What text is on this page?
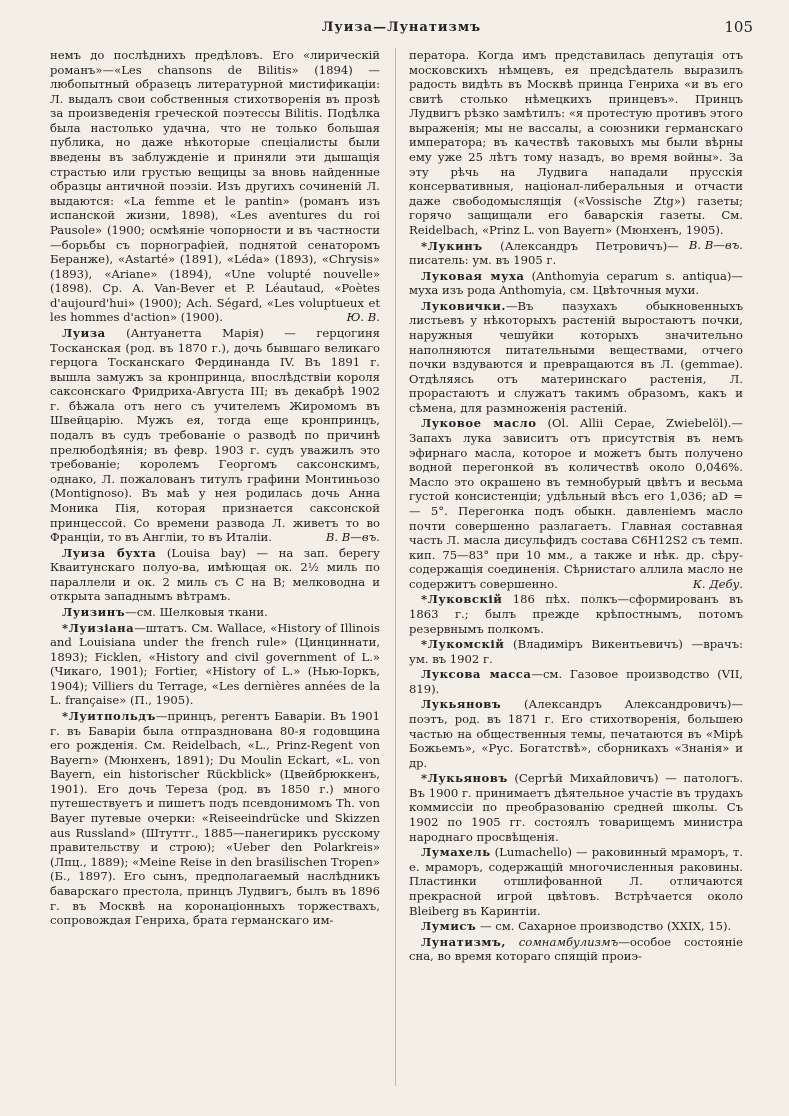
Луиза—Лунатизмъ	105

немъ до послѣднихъ предѣловъ. Его «лирическій романъ»—«Les chansons de Bilitis» (1894) — любопытный образецъ литературной мистификаціи: Л. выдалъ свои собственныя стихотворенія въ прозѣ за произведенія греческой поэтессы Bilitis. Подѣлка была настолько удачна, что не только большая публика, но даже нѣкоторые спеціалисты были введены въ заблужденіе и приняли эти дышащія страстью или грустью вещицы за вновь найденные образцы античной поэзіи. Изъ другихъ сочиненій Л. выдаются: «La femme et le pantin» (романъ изъ испанской жизни, 1898), «Les aventures du roi Pausole» (1900; осмѣяніе чопорности и въ частности—борьбы съ порнографіей, поднятой сенаторомъ Беранже), «Astarté» (1891), «Léda» (1893), «Chrysis» (1893), «Ariane» (1894), «Une volupté nouvelle» (1898). Ср. A. Van-Bever et P. Léautaud, «Poètes d'aujourd'hui» (1900); Ach. Ségard, «Les voluptueux et les hommes d'action» (1900).	Ю. В.

Луиза (Антуанетта Марія) — герцогиня Тосканская (род. въ 1870 г.), дочь бывшаго великаго герцога Тосканскаго Фердинанда IV. Въ 1891 г. вышла замужъ за кронпринца, впослѣдствіи короля саксонскаго Фридриха-Августа III; въ декабрѣ 1902 г. бѣжала отъ него съ учителемъ Жиромомъ въ Швейцарію. Мужъ ея, тогда еще кронпринцъ, подалъ въ судъ требованіе о разводѣ по причинѣ прелюбодѣянія; въ февр. 1903 г. судъ уважилъ это требованіе; королемъ Георгомъ саксонскимъ, однако, Л. пожалованъ титулъ графини Монтиньозо (Montignoso). Въ маѣ у нея родилась дочь Анна Моника Пія, которая признается саксонской принцессой. Со времени развода Л. живетъ то во Франціи, то въ Англіи, то въ Италіи.	В. В—въ.

Луиза бухта (Louisa bay) — на зап. берегу Кваитунскаго полуо-ва, имѣющая ок. 2½ миль по параллели и ок. 2 миль съ С на В; мелководна и открыта западнымъ вѣтрамъ.

Луизинъ—см. Шелковыя ткани.

*Луизіана—штатъ. См. Wallace, «History of Illinois and Louisiana under the french rule» (Цинциннати, 1893); Ficklen, «History and civil government of L.» (Чикаго, 1901); Fortier, «History of L.» (Нью-Іоркъ, 1904); Villiers du Terrage, «Les dernières années de la L. française» (П., 1905).

*Луитпольдъ—принцъ, регентъ Баваріи. Въ 1901 г. въ Баваріи была отпразднована 80-я годовщина его рожденія. См. Reidelbach, «L., Prinz-Regent von Bayern» (Мюнхенъ, 1891); Du Moulin Eckart, «L. von Bayern, ein historischer Rückblick» (Цвейбрюккенъ, 1901). Его дочь Тереза (род. въ 1850 г.) много путешествуетъ и пишетъ подъ псевдонимомъ Th. von Bayer путевые очерки: «Reiseeindrücke und Skizzen aus Russland» (Штуттг., 1885—панегирикъ русскому правительству и строю); «Ueber den Polarkreis» (Лпц., 1889); «Meine Reise in den brasilischen Tropen» (Б., 1897). Его сынъ, предполагаемый наслѣдникъ баварскаго престола, принцъ Лудвигъ, былъ въ 1896 г. въ Москвѣ на коронаціонныхъ торжествахъ, сопровождая Генриха, брата германскаго им-

ператора. Когда имъ представилась депутація отъ московскихъ нѣмцевъ, ея предсѣдатель выразилъ радость видѣть въ Москвѣ принца Генриха «и въ его свитѣ столько нѣмецкихъ принцевъ». Принцъ Лудвигъ рѣзко замѣтилъ: «я протестую противъ этого выраженія; мы не вассалы, а союзники германскаго императора; въ качествѣ таковыхъ мы были вѣрны ему уже 25 лѣтъ тому назадъ, во время войны». За эту рѣчь на Лудвига нападали прусскія консервативныя, націонал-либеральныя и отчасти даже свободомыслящія («Vossische Ztg») газеты; горячо защищали его баварскія газеты. См. Reidelbach, «Prinz L. von Bayern» (Мюнхенъ, 1905).
В. В—въ.

*Лукинъ (Александръ Петровичъ)—писатель: ум. въ 1905 г.

Луковая муха (Anthomyia ceparum s. antiqua)—муха изъ рода Anthomyia, см. Цвѣточныя мухи.

Луковички.—Въ пазухахъ обыкновенныхъ листьевъ у нѣкоторыхъ растеній выростаютъ почки, наружныя чешуйки которыхъ значительно наполняются питательными веществами, отчего почки вздуваются и превращаются въ Л. (gemmae). Отдѣляясь отъ материнскаго растенія, Л. прорастаютъ и служатъ такимъ образомъ, какъ и сѣмена, для размноженія растеній.

Луковое масло (Ol. Allii Cepae, Zwiebelöl).—Запахъ лука зависитъ отъ присутствія въ немъ эфирнаго масла, которое и можетъ быть получено водной перегонкой въ количествѣ около 0,046%. Масло это окрашено въ темнобурый цвѣтъ и весьма густой консистенціи; удѣльный вѣсъ его 1,036; aD = — 5°. Перегонка подъ обыкн. давленіемъ масло почти совершенно разлагаетъ. Главная составная часть Л. масла дисульфидъ состава C6H12S2 съ темп. кип. 75—83° при 10 мм., а также и нѣк. др. сѣру-содержащія соединенія. Сѣрнистаго аллила масло не содержитъ совершенно.	К. Дебу.

*Луковскій 186 пѣх. полкъ—сформированъ въ 1863 г.; былъ прежде крѣпостнымъ, потомъ резервнымъ полкомъ.

*Лукомскій (Владиміръ Викентьевичъ) —врачъ: ум. въ 1902 г.

Луксова масса—см. Газовое производство (VII, 819).

Лукьяновъ (Александръ Александровичъ)—поэтъ, род. въ 1871 г. Его стихотворенія, большею частью на общественныя темы, печатаются въ «Мірѣ Божьемъ», «Рус. Богатствѣ», сборникахъ «Знанія» и др.

*Лукьяновъ (Сергѣй Михайловичъ) — патологъ. Въ 1900 г. принимаетъ дѣятельное участіе въ трудахъ коммиссіи по преобразованію средней школы. Съ 1902 по 1905 гг. состоялъ товарищемъ министра народнаго просвѣщенія.

Лумахель (Lumachello) — раковинный мраморъ, т. е. мраморъ, содержащій многочисленныя раковины. Пластинки отшлифованной Л. отличаются прекрасной игрой цвѣтовъ. Встрѣчается около Bleiberg въ Каринтіи.

Лумисъ — см. Сахарное производство (XXIX, 15).

Лунатизмъ, сомнамбулизмъ—особое состояніе сна, во время котораго спящій проиэ-
